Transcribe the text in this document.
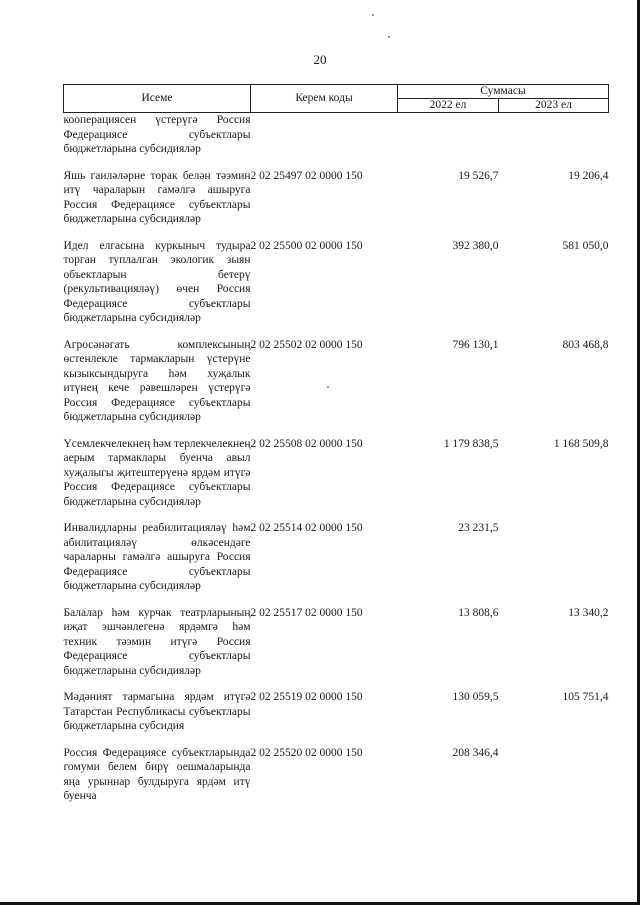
20
Исеме	Керем коды	Суммасы	
		2022 ел	2023 ел
кооперациясен үстерүгә Россия Федерациясе субъектлары бюджетларына субсидияләр			
Яшь гаиләләрне торак белән тәэмин итү чараларын гамәлгә ашыруга Россия Федерациясе субъектлары бюджетларына субсидияләр	2 02 25497 02 0000 150	19 526,7	19 206,4
Идел елгасына куркыныч тудыра торган туплалган экологик зыян объектларын бетерү (рекультивацияләү) өчен Россия Федерациясе субъектлары бюджетларына субсидияләр	2 02 25500 02 0000 150	392 380,0	581 050,0
Агросәнәгать комплексының өстенлекле тармакларын үстерүне кызыксындыруга һәм хуҗалык итүнең кече рәвешләрен үстерүгә Россия Федерациясе субъектлары бюджетларына субсидияләр	2 02 25502 02 0000 150	796 130,1	803 468,8
Үсемлекчелекнең һәм терлекчелекнең аерым тармаклары буенча авыл хуҗалыгы җитештерүенә ярдәм итүгә Россия Федерациясе субъектлары бюджетларына субсидияләр	2 02 25508 02 0000 150	1 179 838,5	1 168 509,8
Инвалидларны реабилитацияләү һәм абилитацияләү өлкәсендәге чараларны гамәлгә ашыруга Россия Федерациясе субъектлары бюджетларына субсидияләр	2 02 25514 02 0000 150	23 231,5	
Балалар һәм курчак театрларының иҗат эшчәнлегенә ярдәмгә һәм техник тәэмин итүгә Россия Федерациясе субъектлары бюджетларына субсидияләр	2 02 25517 02 0000 150	13 808,6	13 340,2
Мәдәният тармагына ярдәм итүгә Татарстан Республикасы субъектлары бюджетларына субсидия	2 02 25519 02 0000 150	130 059,5	105 751,4
Россия Федерациясе субъектларында гомуми белем бирү оешмаларында яңа урыннар булдыруга ярдәм итү буенча	2 02 25520 02 0000 150	208 346,4	
